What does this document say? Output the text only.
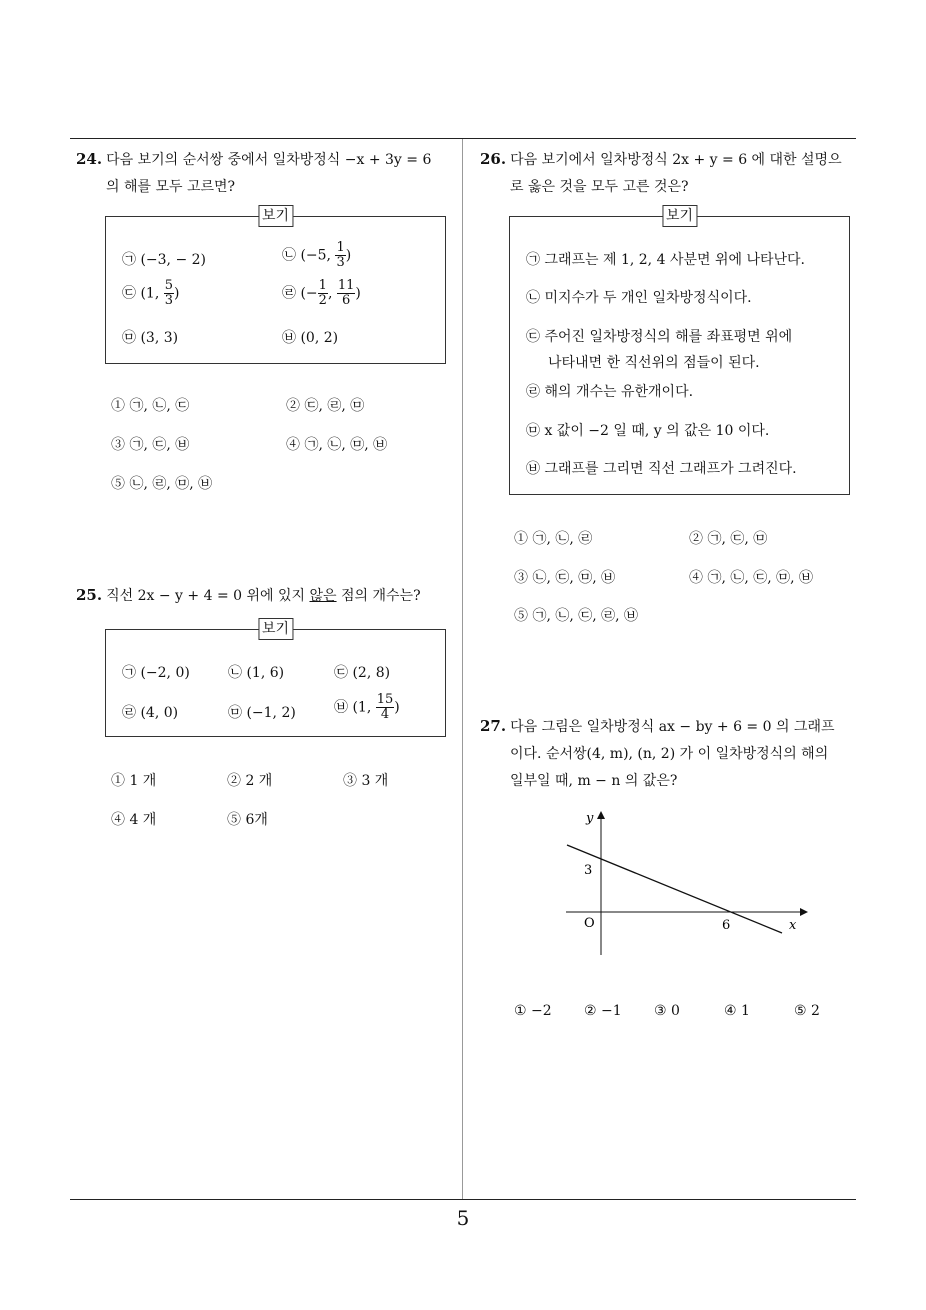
5
24. 다음 보기의 순서쌍 중에서 일차방정식 −x + 3y = 6
의 해를 모두 고르면?
보기
㉠ (−3, − 2)	㉡ (−5, $\frac{1}{3}$ )
㉢ (1, $\frac{5}{3}$ )	㉣ (− $\frac{1}{2}$ , $\frac{11}{6}$ )
㉤ (3, 3)	㉥ (0, 2)
① ㉠, ㉡, ㉢	② ㉢, ㉣, ㉤
③ ㉠, ㉢, ㉥	④ ㉠, ㉡, ㉤, ㉥
⑤ ㉡, ㉣, ㉤, ㉥
25. 직선 2x − y + 4 = 0 위에 있지 않은 점의 개수는?
보기
㉠ (−2, 0)	㉡ (1, 6)	㉢ (2, 8)
㉣ (4, 0)	㉤ (−1, 2)	㉥ (1, $\frac{15}{4}$ )
① 1 개	② 2 개	③ 3 개
④ 4 개	⑤ 6개
26. 다음 보기에서 일차방정식 2x + y = 6 에 대한 설명으
로 옳은 것을 모두 고른 것은?
보기
㉠ 그래프는 제 1, 2, 4 사분면 위에 나타난다.
㉡ 미지수가 두 개인 일차방정식이다.
㉢ 주어진 일차방정식의 해를 좌표평면 위에
나타내면 한 직선위의 점들이 된다.
㉣ 해의 개수는 유한개이다.
㉤ x 값이 −2 일 때, y 의 값은 10 이다.
㉥ 그래프를 그리면 직선 그래프가 그려진다.
① ㉠, ㉡, ㉣	② ㉠, ㉢, ㉤
③ ㉡, ㉢, ㉤, ㉥	④ ㉠, ㉡, ㉢, ㉤, ㉥
⑤ ㉠, ㉡, ㉢, ㉣, ㉥
27. 다음 그림은 일차방정식 ax − by + 6 = 0 의 그래프
이다. 순서쌍(4, m), (n, 2) 가 이 일차방정식의 해의
일부일 때, m − n 의 값은?
y
x
O
3
6
① −2 ② −1 ③ 0	④ 1	⑤ 2
